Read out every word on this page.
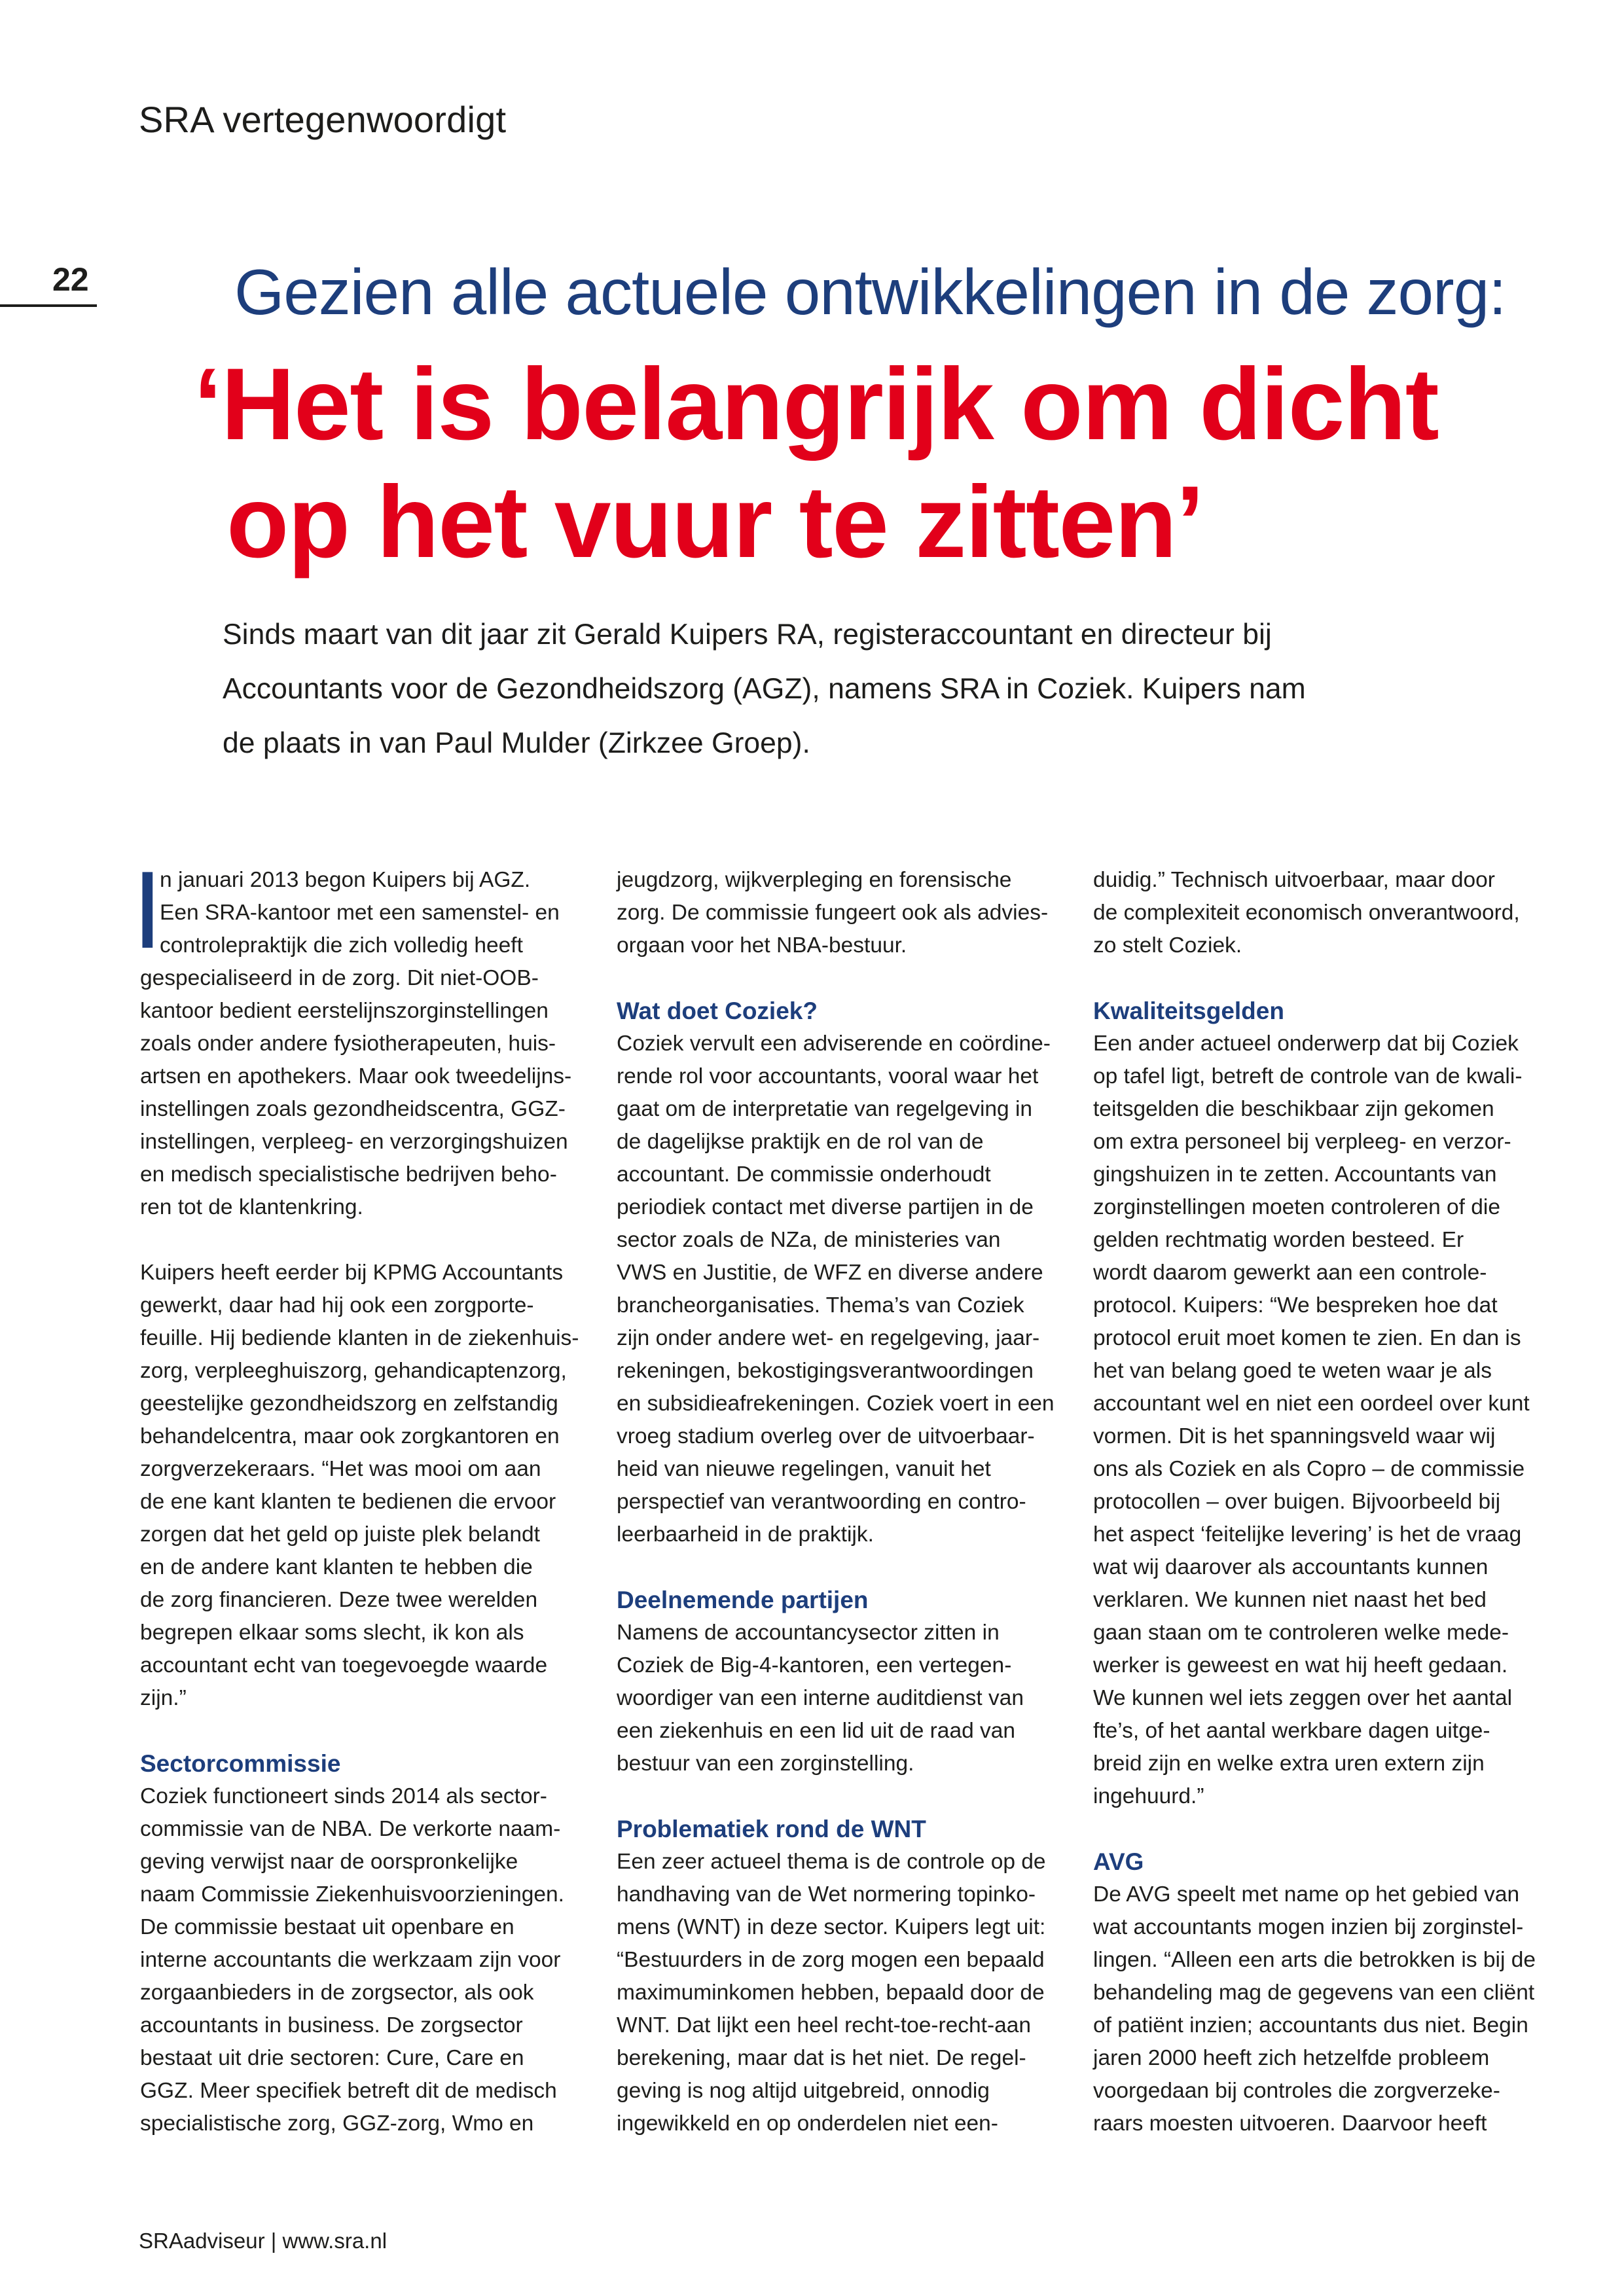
SRA vertegenwoordigt
22 Gezien alle actuele ontwikkelingen in de zorg:
‘Het is belangrijk om dicht
op het vuur te zitten’
Sinds maart van dit jaar zit Gerald Kuipers RA, registeraccountant en directeur bij
Accountants voor de Gezondheidszorg (AGZ), namens SRA in Coziek. Kuipers nam
de plaats in van Paul Mulder (Zirkzee Groep).
I
n januari 2013 begon Kuipers bij AGZ.
Een SRA-kantoor met een samenstel- en
controlepraktijk die zich volledig heeft
gespecialiseerd in de zorg. Dit niet-OOB-
kantoor bedient eerstelijnszorginstellingen
zoals onder andere fysiotherapeuten, huis-
artsen en apothekers. Maar ook tweedelijns-
instellingen zoals gezondheidscentra, GGZ-
instellingen, verpleeg- en verzorgingshuizen
en medisch specialistische bedrijven beho-
ren tot de klantenkring.
Kuipers heeft eerder bij KPMG Accountants
gewerkt, daar had hij ook een zorgporte-
feuille. Hij bediende klanten in de ziekenhuis-
zorg, verpleeghuiszorg, gehandicaptenzorg,
geestelijke gezondheidszorg en zelfstandig
behandelcentra, maar ook zorgkantoren en
zorgverzekeraars. “Het was mooi om aan
de ene kant klanten te bedienen die ervoor
zorgen dat het geld op juiste plek belandt
en de andere kant klanten te hebben die
de zorg financieren. Deze twee werelden
begrepen elkaar soms slecht, ik kon als
accountant echt van toegevoegde waarde
zijn.”
Sectorcommissie
Coziek functioneert sinds 2014 als sector-
commissie van de NBA. De verkorte naam-
geving verwijst naar de oorspronkelijke
naam Commissie Ziekenhuisvoorzieningen.
De commissie bestaat uit openbare en
interne accountants die werkzaam zijn voor
zorgaanbieders in de zorgsector, als ook
accountants in business. De zorgsector
bestaat uit drie sectoren: Cure, Care en
GGZ. Meer specifiek betreft dit de medisch
specialistische zorg, GGZ-zorg, Wmo en
jeugdzorg, wijkverpleging en forensische
zorg. De commissie fungeert ook als advies-
orgaan voor het NBA-bestuur.
Wat doet Coziek?
Coziek vervult een adviserende en coördine-
rende rol voor accountants, vooral waar het
gaat om de interpretatie van regelgeving in
de dagelijkse praktijk en de rol van de
accountant. De commissie onderhoudt
periodiek contact met diverse partijen in de
sector zoals de NZa, de ministeries van
VWS en Justitie, de WFZ en diverse andere
brancheorganisaties. Thema’s van Coziek
zijn onder andere wet- en regelgeving, jaar-
rekeningen, bekostigingsverantwoordingen
en subsidieafrekeningen. Coziek voert in een
vroeg stadium overleg over de uitvoerbaar-
heid van nieuwe regelingen, vanuit het
perspectief van verantwoording en contro-
leerbaarheid in de praktijk.
Deelnemende partijen
Namens de accountancysector zitten in
Coziek de Big-4-kantoren, een vertegen-
woordiger van een interne auditdienst van
een ziekenhuis en een lid uit de raad van
bestuur van een zorginstelling.
Problematiek rond de WNT
Een zeer actueel thema is de controle op de
handhaving van de Wet normering topinko-
mens (WNT) in deze sector. Kuipers legt uit:
“Bestuurders in de zorg mogen een bepaald
maximuminkomen hebben, bepaald door de
WNT. Dat lijkt een heel recht-toe-recht-aan
berekening, maar dat is het niet. De regel-
geving is nog altijd uitgebreid, onnodig
ingewikkeld en op onderdelen niet een-
duidig.” Technisch uitvoerbaar, maar door
de complexiteit economisch onverantwoord,
zo stelt Coziek.
Kwaliteitsgelden
Een ander actueel onderwerp dat bij Coziek
op tafel ligt, betreft de controle van de kwali-
teitsgelden die beschikbaar zijn gekomen
om extra personeel bij verpleeg- en verzor-
gingshuizen in te zetten. Accountants van
zorginstellingen moeten controleren of die
gelden rechtmatig worden besteed. Er
wordt daarom gewerkt aan een controle-
protocol. Kuipers: “We bespreken hoe dat
protocol eruit moet komen te zien. En dan is
het van belang goed te weten waar je als
accountant wel en niet een oordeel over kunt
vormen. Dit is het spanningsveld waar wij
ons als Coziek en als Copro – de commissie
protocollen – over buigen. Bijvoorbeeld bij
het aspect ‘feitelijke levering’ is het de vraag
wat wij daarover als accountants kunnen
verklaren. We kunnen niet naast het bed
gaan staan om te controleren welke mede-
werker is geweest en wat hij heeft gedaan.
We kunnen wel iets zeggen over het aantal
fte’s, of het aantal werkbare dagen uitge-
breid zijn en welke extra uren extern zijn
ingehuurd.”
AVG
De AVG speelt met name op het gebied van
wat accountants mogen inzien bij zorginstel-
lingen. “Alleen een arts die betrokken is bij de
behandeling mag de gegevens van een cliënt
of patiënt inzien; accountants dus niet. Begin
jaren 2000 heeft zich hetzelfde probleem
voorgedaan bij controles die zorgverzeke-
raars moesten uitvoeren. Daarvoor heeft
SRAadviseur | www.sra.nl
